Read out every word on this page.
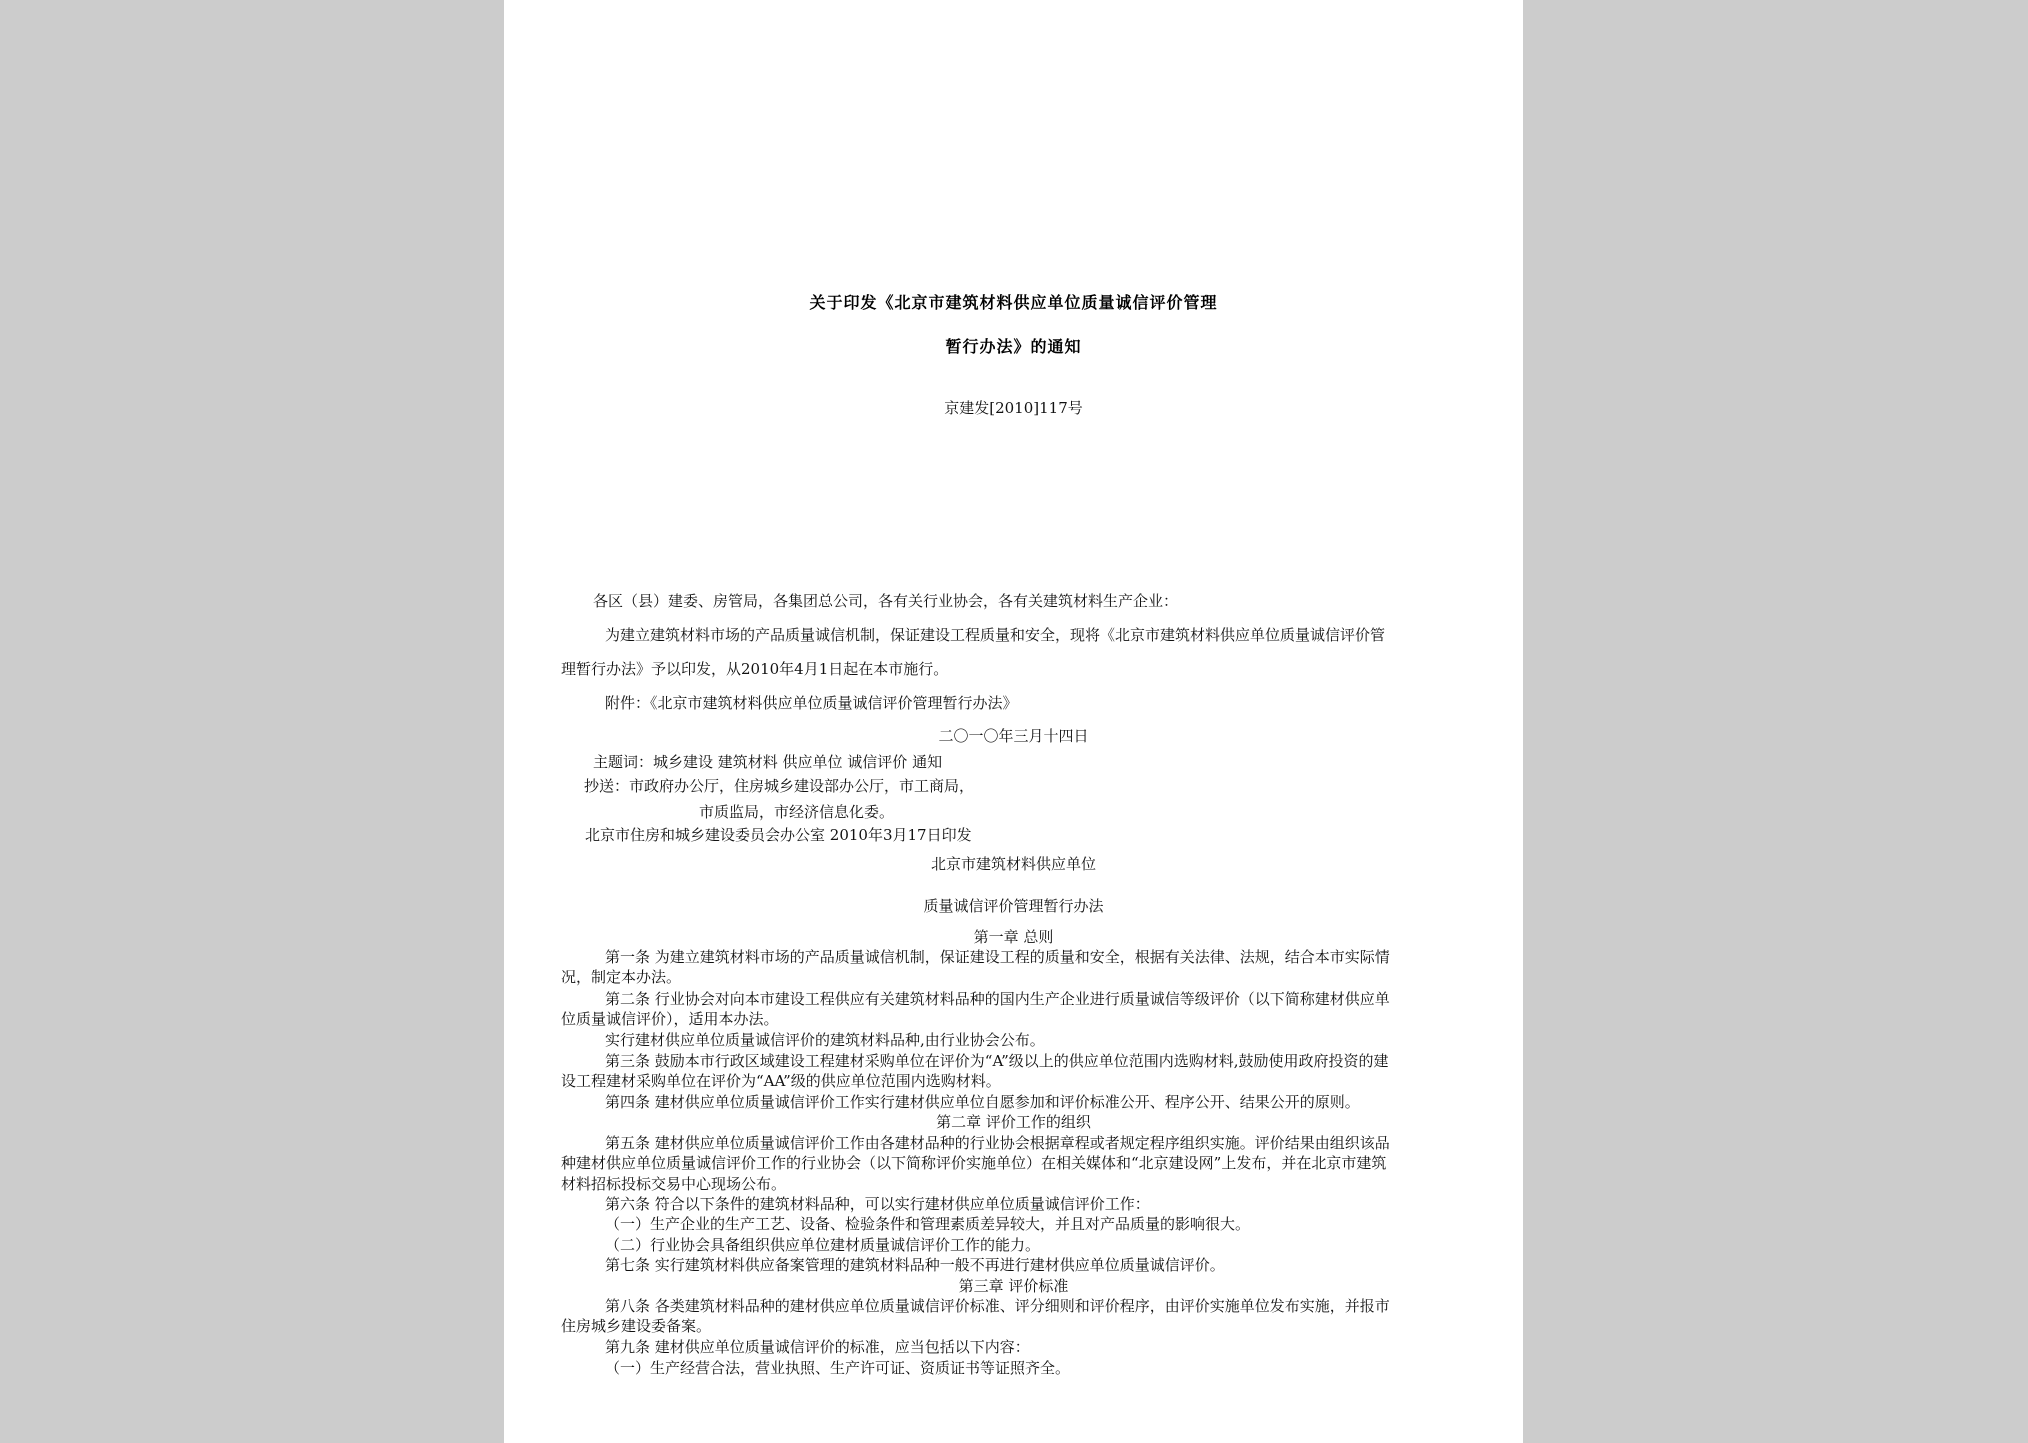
关于印发《北京市建筑材料供应单位质量诚信评价管理
暂行办法》的通知
京建发[2010]117号
各区（县）建委、房管局，各集团总公司，各有关行业协会，各有关建筑材料生产企业：
为建立建筑材料市场的产品质量诚信机制，保证建设工程质量和安全，现将《北京市建筑材料供应单位质量诚信评价管
理暂行办法》予以印发，从2010年4月1日起在本市施行。
附件：《北京市建筑材料供应单位质量诚信评价管理暂行办法》
二〇一〇年三月十四日
主题词：城乡建设 建筑材料 供应单位 诚信评价 通知
抄送：市政府办公厅，住房城乡建设部办公厅，市工商局，
市质监局，市经济信息化委。
北京市住房和城乡建设委员会办公室 2010年3月17日印发
北京市建筑材料供应单位
质量诚信评价管理暂行办法
第一章 总则
第一条 为建立建筑材料市场的产品质量诚信机制，保证建设工程的质量和安全，根据有关法律、法规，结合本市实际情
况，制定本办法。
第二条 行业协会对向本市建设工程供应有关建筑材料品种的国内生产企业进行质量诚信等级评价（以下简称建材供应单
位质量诚信评价），适用本办法。
实行建材供应单位质量诚信评价的建筑材料品种,由行业协会公布。
第三条 鼓励本市行政区域建设工程建材采购单位在评价为“A”级以上的供应单位范围内选购材料,鼓励使用政府投资的建
设工程建材采购单位在评价为“AA”级的供应单位范围内选购材料。
第四条 建材供应单位质量诚信评价工作实行建材供应单位自愿参加和评价标准公开、程序公开、结果公开的原则。
第二章 评价工作的组织
第五条 建材供应单位质量诚信评价工作由各建材品种的行业协会根据章程或者规定程序组织实施。评价结果由组织该品
种建材供应单位质量诚信评价工作的行业协会（以下简称评价实施单位）在相关媒体和“北京建设网”上发布，并在北京市建筑
材料招标投标交易中心现场公布。
第六条 符合以下条件的建筑材料品种，可以实行建材供应单位质量诚信评价工作：
（一）生产企业的生产工艺、设备、检验条件和管理素质差异较大，并且对产品质量的影响很大。
（二）行业协会具备组织供应单位建材质量诚信评价工作的能力。
第七条 实行建筑材料供应备案管理的建筑材料品种一般不再进行建材供应单位质量诚信评价。
第三章 评价标准
第八条 各类建筑材料品种的建材供应单位质量诚信评价标准、评分细则和评价程序，由评价实施单位发布实施，并报市
住房城乡建设委备案。
第九条 建材供应单位质量诚信评价的标准，应当包括以下内容：
（一）生产经营合法，营业执照、生产许可证、资质证书等证照齐全。
